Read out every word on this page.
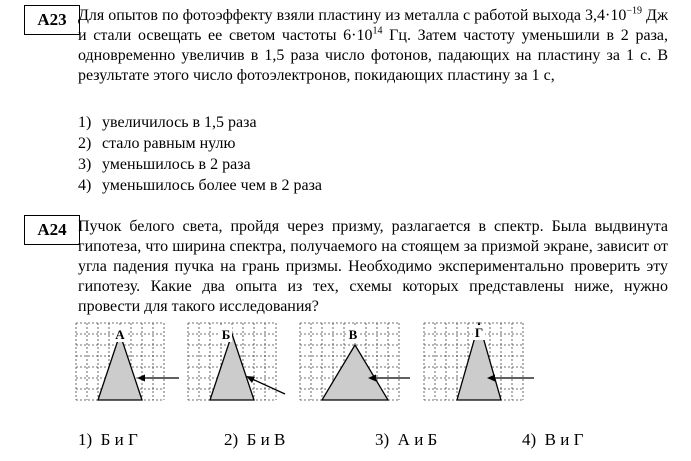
А23 Для опытов по фотоэффекту взяли пластину из металла с работой выхода $3,4\cdot 10^{-19}$ Дж и стали освещать ее светом частоты $6\cdot 10^{14}$ Гц. Затем частоту уменьшили в 2 раза, одновременно увеличив в 1,5 раза число фотонов, падающих на пластину за 1 с. В результате этого число фотоэлектронов, покидающих пластину за 1 с,

1) увеличилось в 1,5 раза
2) стало равным нулю
3) уменьшилось в 2 раза
4) уменьшилось более чем в 2 раза
А24 Пучок белого света, пройдя через призму, разлагается в спектр. Была выдвинута гипотеза, что ширина спектра, получаемого на стоящем за призмой экране, зависит от угла падения пучка на грань призмы. Необходимо экспериментально проверить эту гипотезу. Какие два опыта из тех, схемы которых представлены ниже, нужно провести для такого исследования?

А	Б	В	Г
1) Б и Г	2) Б и В	3) А и Б	4) В и Г
